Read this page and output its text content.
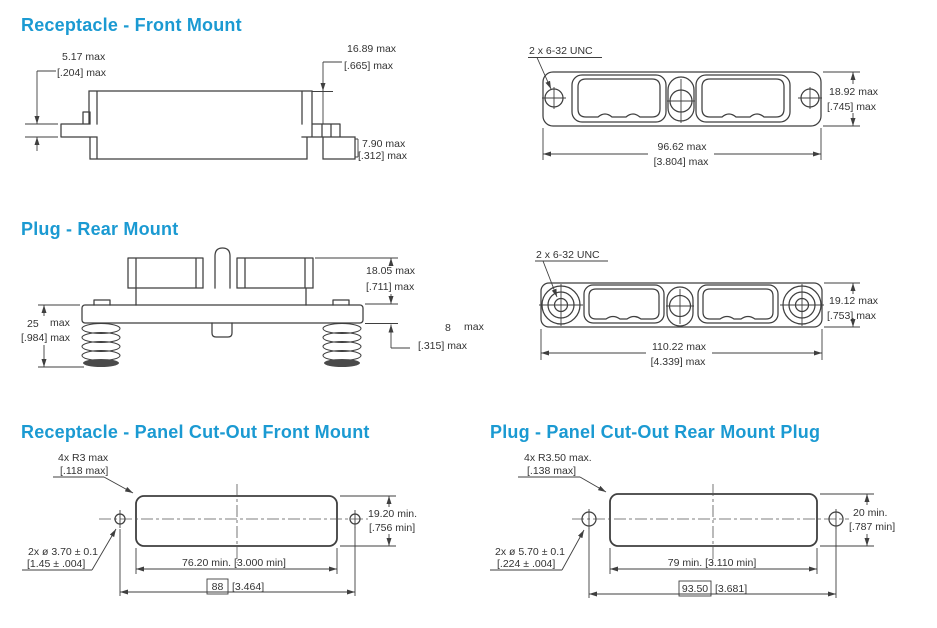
Receptacle - Front Mount
Plug - Rear Mount
Receptacle - Panel Cut-Out Front Mount	Plug - Panel Cut-Out Rear Mount Plug
5.17 max
[.204] max
16.89 max
[.665] max
7.90 max
[.312] max
2 x 6-32 UNC
18.92 max
[.745] max
96.62 max
[3.804] max
25 max
[.984] max
18.05 max
[.711] max
8 max
[.315] max
2 x 6-32 UNC
19.12 max
[.753] max
110.22 max
[4.339] max
4x R3 max
[.118 max]
2x ø 3.70 ± 0.1
[1.45 ± .004]
19.20 min.
[.756 min]
76.20 min. [3.000 min]
88 [3.464]
4x R3.50 max.
[.138 max]
2x ø 5.70 ± 0.1
[.224 ± .004]
20 min.
[.787 min]
79 min. [3.110 min]
93.50 [3.681]
